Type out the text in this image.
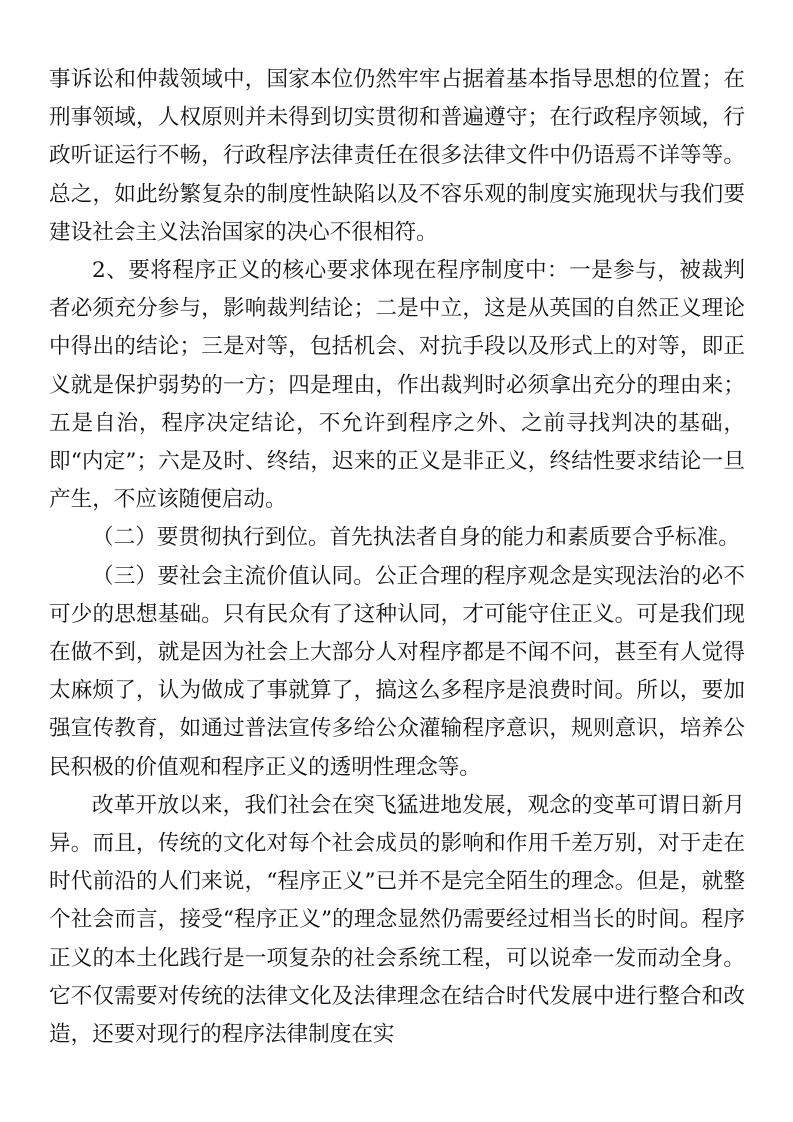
事诉讼和仲裁领域中，国家本位仍然牢牢占据着基本指导思想的位置；在刑事领域，人权原则并未得到切实贯彻和普遍遵守；在行政程序领域，行政听证运行不畅，行政程序法律责任在很多法律文件中仍语焉不详等等。总之，如此纷繁复杂的制度性缺陷以及不容乐观的制度实施现状与我们要建设社会主义法治国家的决心不很相符。

2、要将程序正义的核心要求体现在程序制度中：一是参与，被裁判者必须充分参与，影响裁判结论；二是中立，这是从英国的自然正义理论中得出的结论；三是对等，包括机会、对抗手段以及形式上的对等，即正义就是保护弱势的一方；四是理由，作出裁判时必须拿出充分的理由来；五是自治，程序决定结论，不允许到程序之外、之前寻找判决的基础，即“内定”；六是及时、终结，迟来的正义是非正义，终结性要求结论一旦产生，不应该随便启动。

（二）要贯彻执行到位。首先执法者自身的能力和素质要合乎标准。

（三）要社会主流价值认同。公正合理的程序观念是实现法治的必不可少的思想基础。只有民众有了这种认同，才可能守住正义。可是我们现在做不到，就是因为社会上大部分人对程序都是不闻不问，甚至有人觉得太麻烦了，认为做成了事就算了，搞这么多程序是浪费时间。所以，要加强宣传教育，如通过普法宣传多给公众灌输程序意识，规则意识，培养公民积极的价值观和程序正义的透明性理念等。

改革开放以来，我们社会在突飞猛进地发展，观念的变革可谓日新月异。而且，传统的文化对每个社会成员的影响和作用千差万别，对于走在时代前沿的人们来说，“程序正义”已并不是完全陌生的理念。但是，就整个社会而言，接受“程序正义”的理念显然仍需要经过相当长的时间。程序正义的本土化践行是一项复杂的社会系统工程，可以说牵一发而动全身。它不仅需要对传统的法律文化及法律理念在结合时代发展中进行整合和改造，还要对现行的程序法律制度在实
